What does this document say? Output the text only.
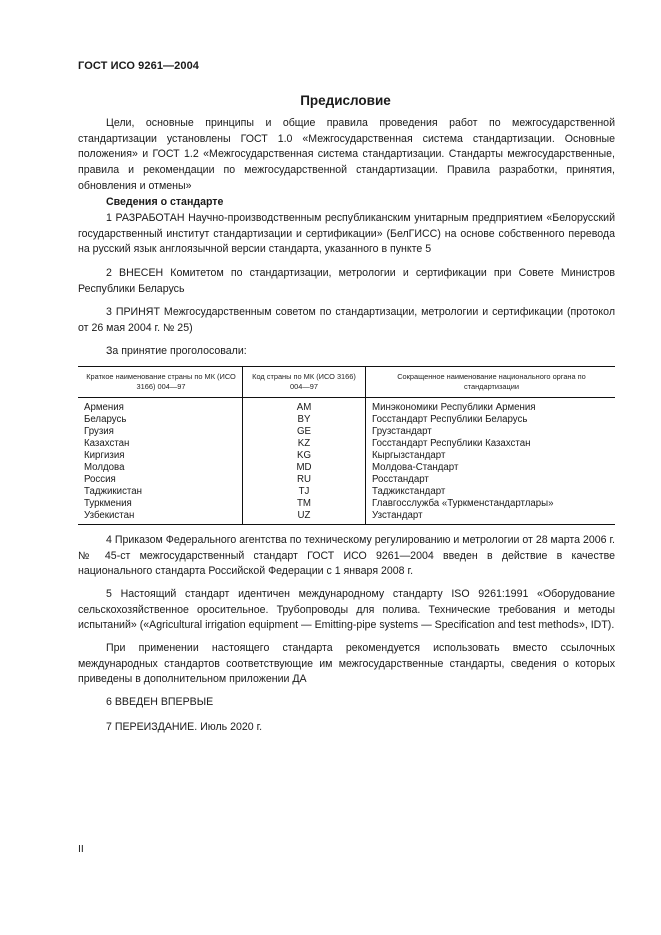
ГОСТ ИСО 9261—2004
Предисловие

Цели, основные принципы и общие правила проведения работ по межгосударственной стандартизации установлены ГОСТ 1.0 «Межгосударственная система стандартизации. Основные положения» и ГОСТ 1.2 «Межгосударственная система стандартизации. Стандарты межгосударственные, правила и рекомендации по межгосударственной стандартизации. Правила разработки, принятия, обновления и отмены»

Сведения о стандарте

1 РАЗРАБОТАН Научно-производственным республиканским унитарным предприятием «Белорусский государственный институт стандартизации и сертификации» (БелГИСС) на основе собственного перевода на русский язык англоязычной версии стандарта, указанного в пункте 5

2 ВНЕСЕН Комитетом по стандартизации, метрологии и сертификации при Совете Министров Республики Беларусь

3 ПРИНЯТ Межгосударственным советом по стандартизации, метрологии и сертификации (протокол от 26 мая 2004 г. № 25)

За принятие проголосовали:

Краткое наименование страны по МК (ИСО 3166) 004—97	Код страны по МК (ИСО 3166) 004—97	Сокращенное наименование национального органа по стандартизации
Армения	AM	Минэкономики Республики Армения
Беларусь	BY	Госстандарт Республики Беларусь
Грузия	GE	Грузстандарт
Казахстан	KZ	Госстандарт Республики Казахстан
Киргизия	KG	Кыргызстандарт
Молдова	MD	Молдова-Стандарт
Россия	RU	Росстандарт
Таджикистан	TJ	Таджикстандарт
Туркмения	TM	Главгосслужба «Туркменстандартлары»
Узбекистан	UZ	Узстандарт

4 Приказом Федерального агентства по техническому регулированию и метрологии от 28 марта 2006 г. № 45-ст межгосударственный стандарт ГОСТ ИСО 9261—2004 введен в действие в качестве национального стандарта Российской Федерации с 1 января 2008 г.

5 Настоящий стандарт идентичен международному стандарту ISO 9261:1991 «Оборудование сельскохозяйственное оросительное. Трубопроводы для полива. Технические требования и методы испытаний» («Agricultural irrigation equipment — Emitting-pipe systems — Specification and test methods», IDT).

При применении настоящего стандарта рекомендуется использовать вместо ссылочных международных стандартов соответствующие им межгосударственные стандарты, сведения о которых приведены в дополнительном приложении ДА

6 ВВЕДЕН ВПЕРВЫЕ

7 ПЕРЕИЗДАНИЕ. Июль 2020 г.

II
